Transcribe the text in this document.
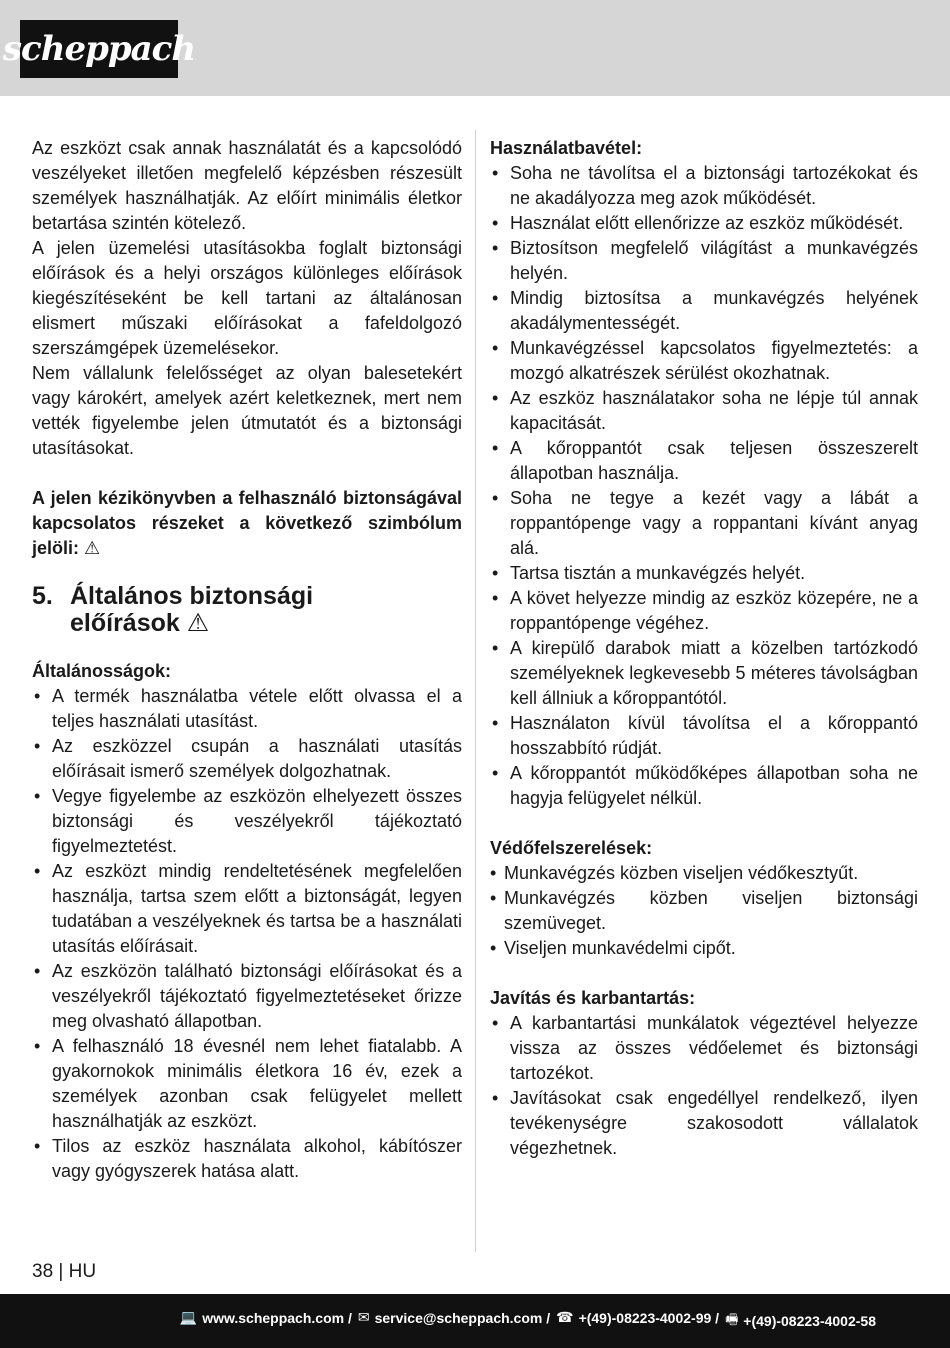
scheppach

Az eszközt csak annak használatát és a kapcsolódó veszélyeket illetően megfelelő képzésben részesült személyek használhatják. Az előírt minimális életkor betartása szintén kötelező.

A jelen üzemelési utasításokba foglalt biztonsági előírások és a helyi országos különleges előírások kiegészítéseként be kell tartani az általánosan elismert műszaki előírásokat a fafeldolgozó szerszámgépek üzemelésekor.

Nem vállalunk felelősséget az olyan balesetekért vagy károkért, amelyek azért keletkeznek, mert nem vették figyelembe jelen útmutatót és a biztonsági utasításokat.

A jelen kézikönyvben a felhasználó biztonságával kapcsolatos részeket a következő szimbólum jelöli: ⚠

5. Általános biztonsági
előírások ⚠
Általánosságok:
• A termék használatba vétele előtt olvassa el a teljes használati utasítást.
• Az eszközzel csupán a használati utasítás előírásait ismerő személyek dolgozhatnak.
• Vegye figyelembe az eszközön elhelyezett összes biztonsági és veszélyekről tájékoztató figyelmeztetést.
• Az eszközt mindig rendeltetésének megfelelően használja, tartsa szem előtt a biztonságát, legyen tudatában a veszélyeknek és tartsa be a használati utasítás előírásait.
• Az eszközön található biztonsági előírásokat és a veszélyekről tájékoztató figyelmeztetéseket őrizze meg olvasható állapotban.
• A felhasználó 18 évesnél nem lehet fiatalabb. A gyakornokok minimális életkora 16 év, ezek a személyek azonban csak felügyelet mellett használhatják az eszközt.
• Tilos az eszköz használata alkohol, kábítószer vagy gyógyszerek hatása alatt.
Használatbavétel:
• Soha ne távolítsa el a biztonsági tartozékokat és ne akadályozza meg azok működését.
• Használat előtt ellenőrizze az eszköz működését.
• Biztosítson megfelelő világítást a munkavégzés helyén.
• Mindig biztosítsa a munkavégzés helyének akadálymentességét.
• Munkavégzéssel kapcsolatos figyelmeztetés: a mozgó alkatrészek sérülést okozhatnak.
• Az eszköz használatakor soha ne lépje túl annak kapacitását.
• A kőroppantót csak teljesen összeszerelt állapotban használja.
• Soha ne tegye a kezét vagy a lábát a roppantópenge vagy a roppantani kívánt anyag alá.
• Tartsa tisztán a munkavégzés helyét.
• A követ helyezze mindig az eszköz közepére, ne a roppantópenge végéhez.
• A kirepülő darabok miatt a közelben tartózkodó személyeknek legkevesebb 5 méteres távolságban kell állniuk a kőroppantótól.
• Használaton kívül távolítsa el a kőroppantó hosszabbító rúdját.
• A kőroppantót működőképes állapotban soha ne hagyja felügyelet nélkül.
Védőfelszerelések:
• Munkavégzés közben viseljen védőkesztyűt.
• Munkavégzés közben viseljen biztonsági szemüveget.
• Viseljen munkavédelmi cipőt.
Javítás és karbantartás:
• A karbantartási munkálatok végeztével helyezze vissza az összes védőelemet és biztonsági tartozékot.
• Javításokat csak engedéllyel rendelkező, ilyen tevékenységre szakosodott vállalatok végezhetnek.
38 | HU
💻 www.scheppach.com / ✉ service@scheppach.com / ☎ +(49)-08223-4002-99 / 🖷 +(49)-08223-4002-58
